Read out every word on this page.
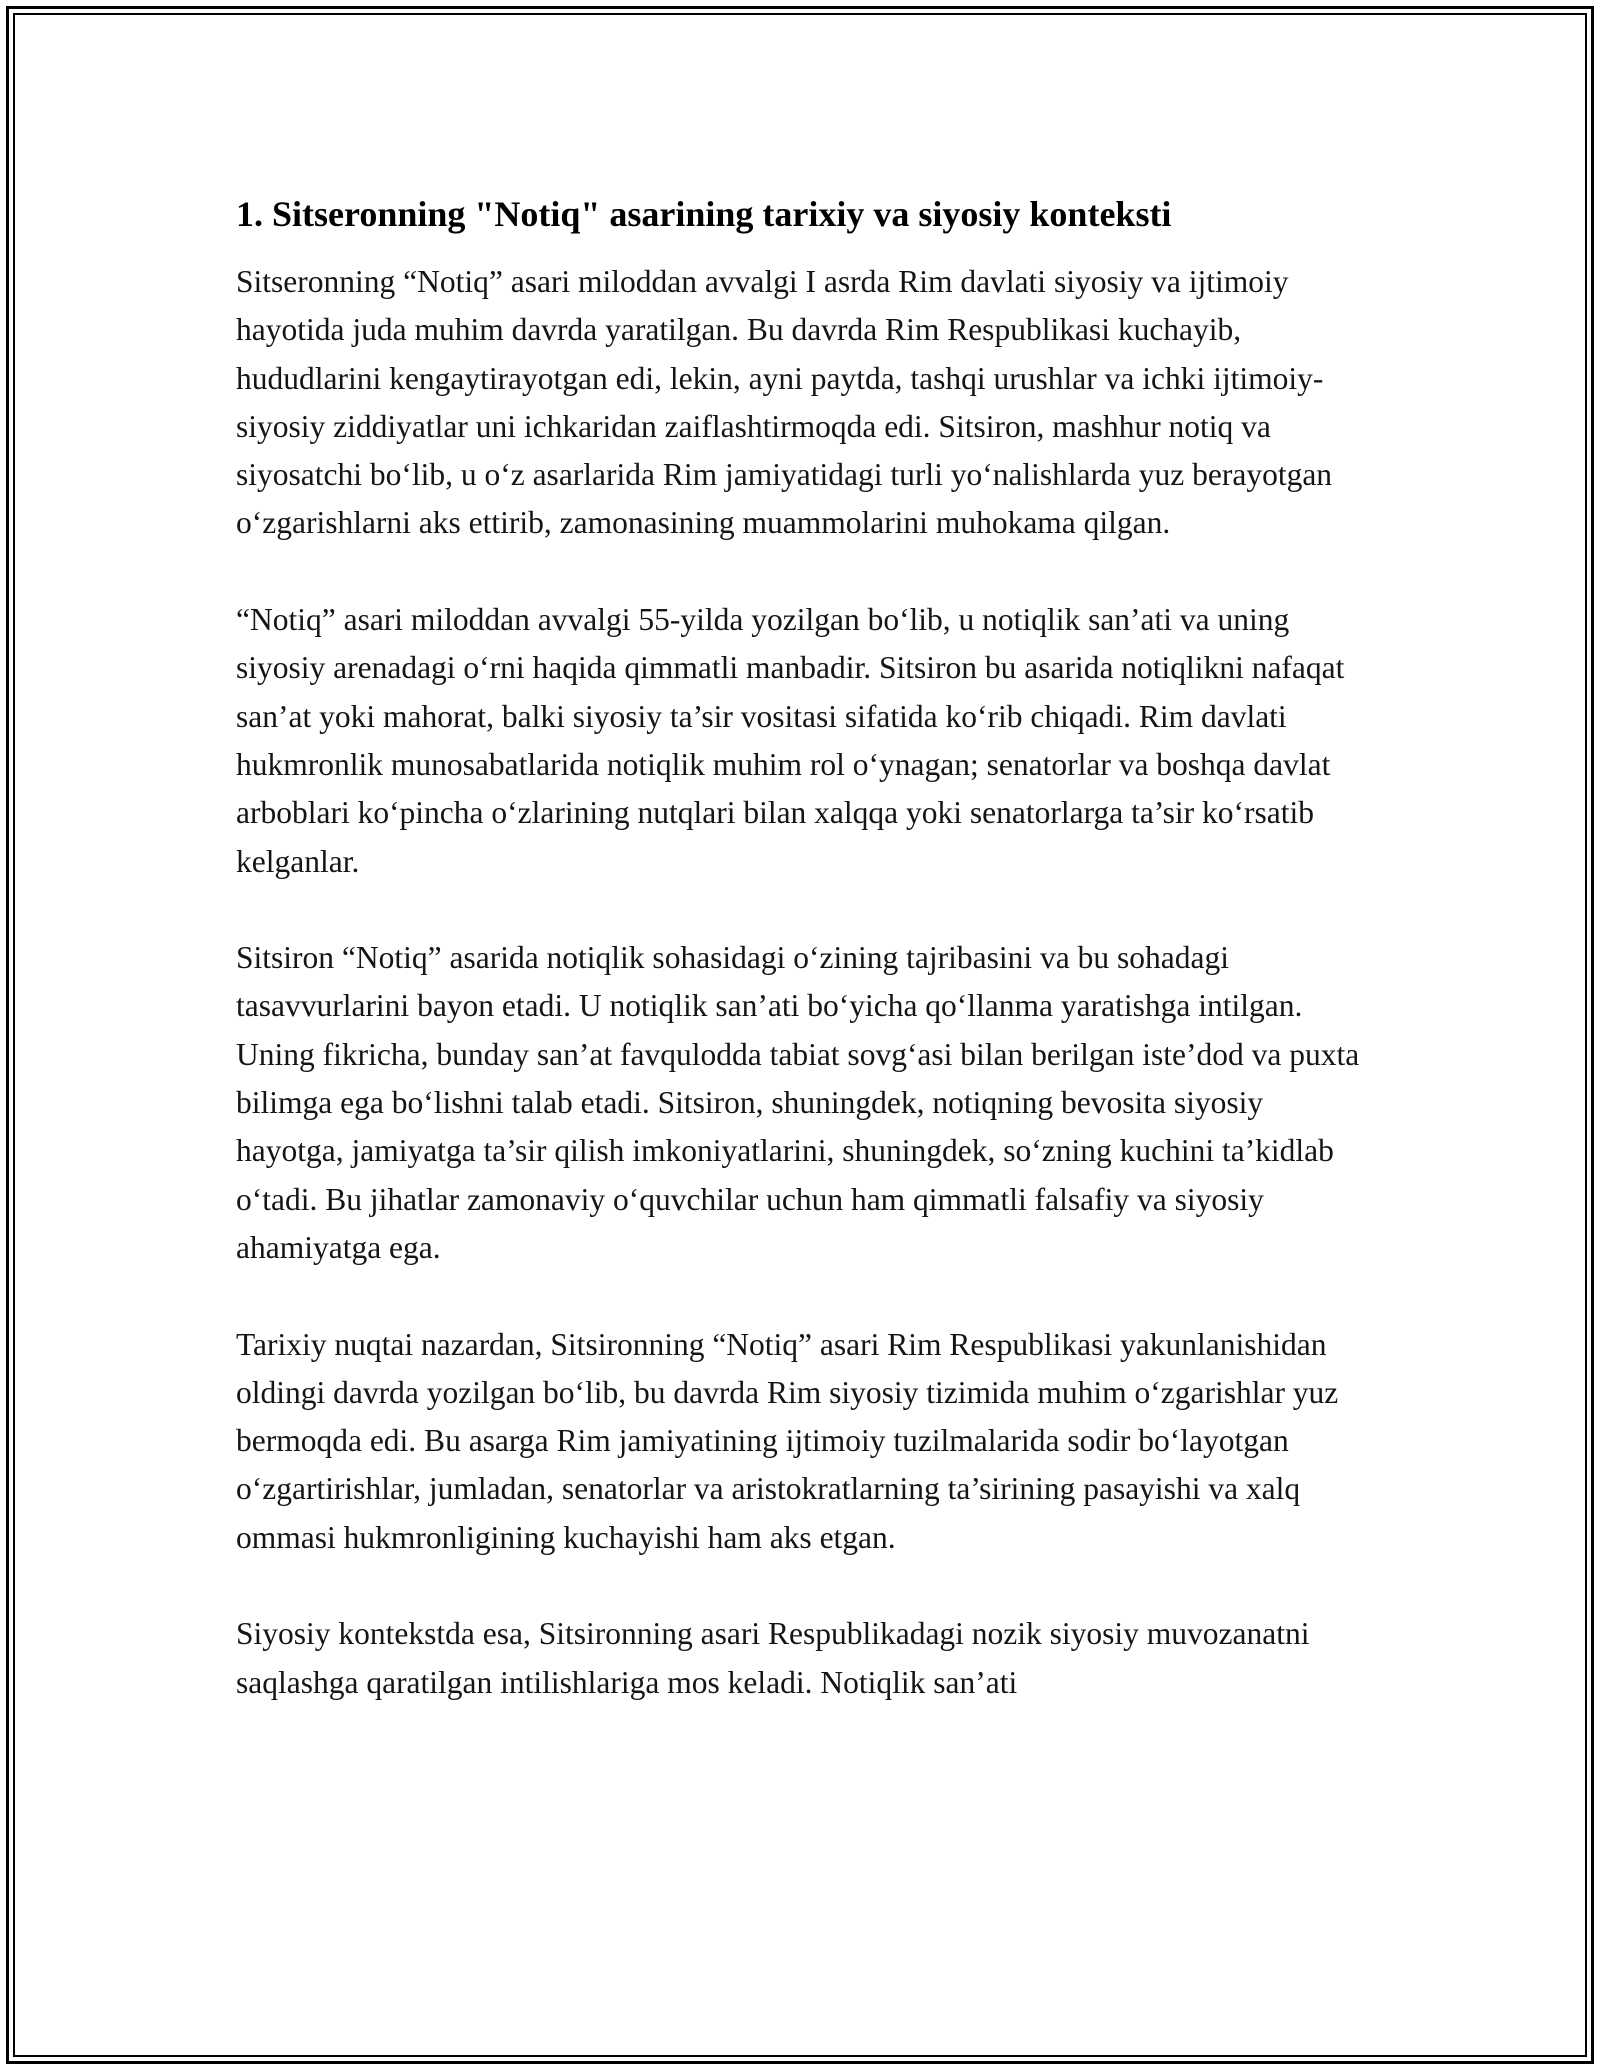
1. Sitseronning "Notiq" asarining tarixiy va siyosiy konteksti

Sitseronning “Notiq” asari miloddan avvalgi I asrda Rim davlati siyosiy va ijtimoiy hayotida juda muhim davrda yaratilgan. Bu davrda Rim Respublikasi kuchayib, hududlarini kengaytirayotgan edi, lekin, ayni paytda, tashqi urushlar va ichki ijtimoiy-siyosiy ziddiyatlar uni ichkaridan zaiflashtirmoqda edi. Sitsiron, mashhur notiq va siyosatchi bo‘lib, u o‘z asarlarida Rim jamiyatidagi turli yo‘nalishlarda yuz berayotgan o‘zgarishlarni aks ettirib, zamonasining muammolarini muhokama qilgan.

“Notiq” asari miloddan avvalgi 55-yilda yozilgan bo‘lib, u notiqlik san’ati va uning siyosiy arenadagi o‘rni haqida qimmatli manbadir. Sitsiron bu asarida notiqlikni nafaqat san’at yoki mahorat, balki siyosiy ta’sir vositasi sifatida ko‘rib chiqadi. Rim davlati hukmronlik munosabatlarida notiqlik muhim rol o‘ynagan; senatorlar va boshqa davlat arboblari ko‘pincha o‘zlarining nutqlari bilan xalqqa yoki senatorlarga ta’sir ko‘rsatib kelganlar.

Sitsiron “Notiq” asarida notiqlik sohasidagi o‘zining tajribasini va bu sohadagi tasavvurlarini bayon etadi. U notiqlik san’ati bo‘yicha qo‘llanma yaratishga intilgan. Uning fikricha, bunday san’at favqulodda tabiat sovg‘asi bilan berilgan iste’dod va puxta bilimga ega bo‘lishni talab etadi. Sitsiron, shuningdek, notiqning bevosita siyosiy hayotga, jamiyatga ta’sir qilish imkoniyatlarini, shuningdek, so‘zning kuchini ta’kidlab o‘tadi. Bu jihatlar zamonaviy o‘quvchilar uchun ham qimmatli falsafiy va siyosiy ahamiyatga ega.

Tarixiy nuqtai nazardan, Sitsironning “Notiq” asari Rim Respublikasi yakunlanishidan oldingi davrda yozilgan bo‘lib, bu davrda Rim siyosiy tizimida muhim o‘zgarishlar yuz bermoqda edi. Bu asarga Rim jamiyatining ijtimoiy tuzilmalarida sodir bo‘layotgan o‘zgartirishlar, jumladan, senatorlar va aristokratlarning ta’sirining pasayishi va xalq ommasi hukmronligining kuchayishi ham aks etgan.

Siyosiy kontekstda esa, Sitsironning asari Respublikadagi nozik siyosiy muvozanatni saqlashga qaratilgan intilishlariga mos keladi. Notiqlik san’ati
